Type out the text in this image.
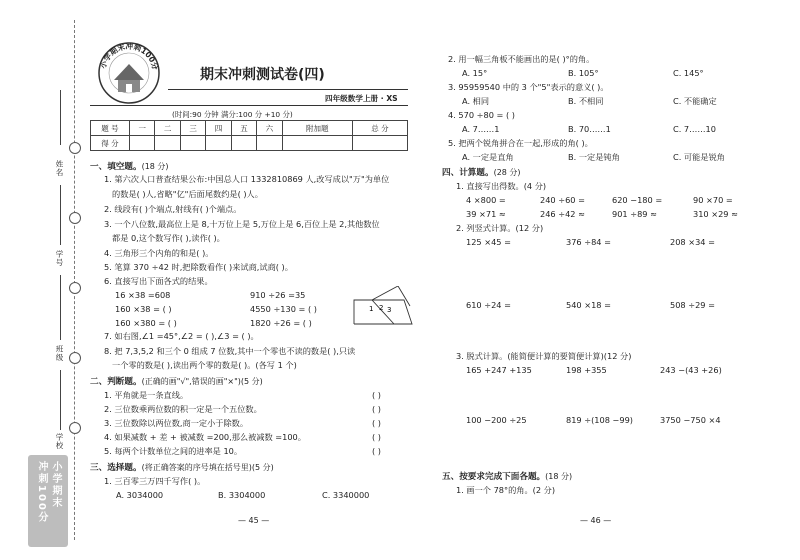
姓名
学号
班级
学校
小学期末
冲刺100分
小学期末冲刺100分
期末冲刺测试卷(四)
四年级数学上册 · XS
(时间:90 分钟 满分:100 分 +10 分)
题 号	一	二	三	四	五	六	附加题	总 分
得 分								
一、填空题。(18 分)
1. 第六次人口普查结果公布:中国总人口 1332810869 人,改写成以"万"为单位
的数是( )人,省略"亿"后面尾数约是( )人。
2. 线段有( )个端点,射线有( )个端点。
3. 一个八位数,最高位上是 8,十万位上是 5,万位上是 6,百位上是 2,其他数位
都是 0,这个数写作( ),读作( )。
4. 三角形三个内角的和是( )。
5. 笔算 370 ÷42 时,把除数看作( )来试商,试商( )。
6. 直接写出下面各式的结果。
16 ×38 =608	910 ÷26 =35
160 ×38 = ( )	4550 ÷130 = ( )
160 ×380 = ( )	1820 ÷26 = ( )
1 2 3
7. 如右图,∠1 =45°,∠2 = ( ),∠3 = ( )。
8. 把 7,3,5,2 和三个 0 组成 7 位数,其中一个零也不读的数是( ),只读
一个零的数是( ),读出两个零的数是( )。(各写 1 个)
二、判断题。(正确的画"√",错误的画"×")(5 分)
1. 平角就是一条直线。	( )
2. 三位数乘两位数的积一定是一个五位数。	( )
3. 三位数除以两位数,商一定小于除数。	( )
4. 如果减数 + 差 + 被减数 =200,那么被减数 =100。	( )
5. 每两个计数单位之间的进率是 10。	( )
三、选择题。(将正确答案的序号填在括号里)(5 分)
1. 三百零三万四千写作( )。
A. 3034000	B. 3304000	C. 3340000
— 45 —
2. 用一幅三角板不能画出的是( )°的角。
A. 15°	B. 105°	C. 145°
3. 95959540 中的 3 个"5"表示的意义( )。
A. 相同	B. 不相同	C. 不能确定
4. 570 ÷80 = ( )
A. 7……1	B. 70……1	C. 7……10
5. 把两个锐角拼合在一起,形成的角( )。
A. 一定是直角	B. 一定是钝角	C. 可能是锐角
四、计算题。(28 分)
1. 直接写出得数。(4 分)
4 ×800 =	240 ÷60 =	620 −180 =	90 ×70 =
39 ×71 ≈	246 ÷42 ≈	901 ÷89 ≈	310 ×29 ≈
2. 列竖式计算。(12 分)
125 ×45 =	376 ÷84 =	208 ×34 =
610 ÷24 =	540 ×18 =	508 ÷29 =
3. 脱式计算。(能简便计算的要简便计算)(12 分)
165 +247 +135	198 +355	243 −(43 +26)
100 −200 ÷25	819 ÷(108 −99)	3750 −750 ×4
五、按要求完成下面各题。(18 分)
1. 画一个 78°的角。(2 分)
— 46 —
